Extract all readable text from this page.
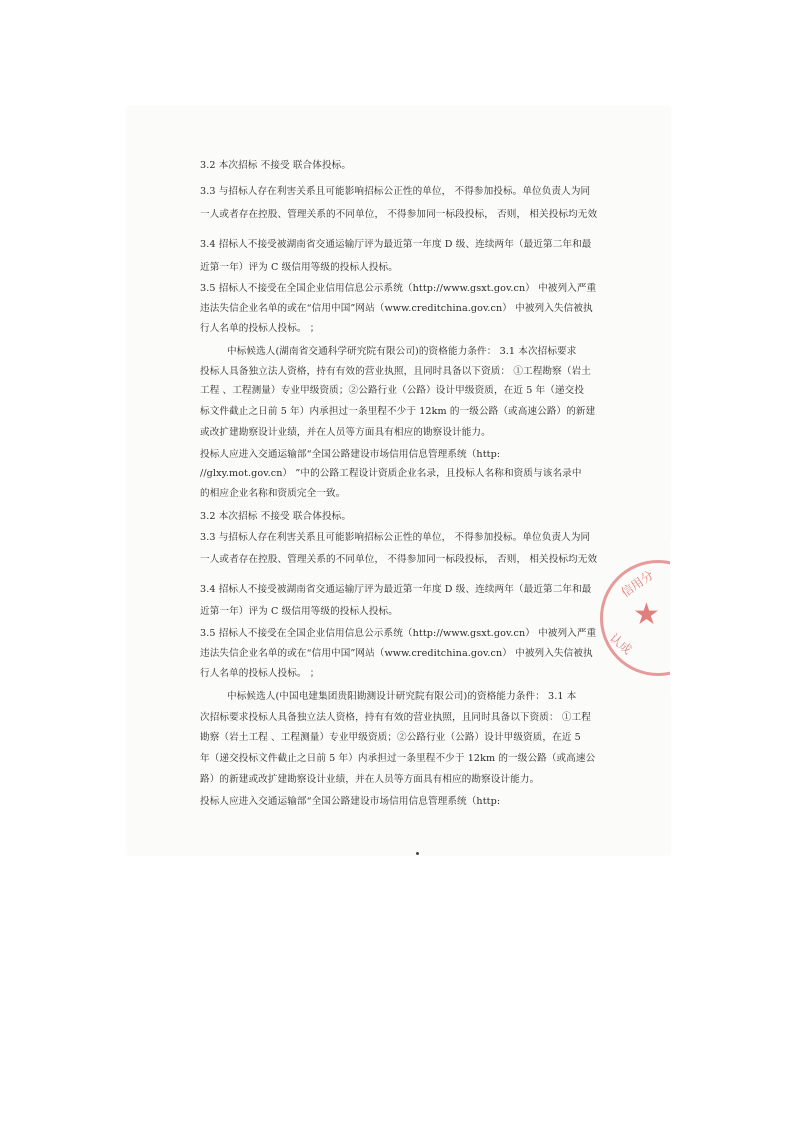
3.2 本次招标 不接受 联合体投标。
3.3 与招标人存在利害关系且可能影响招标公正性的单位， 不得参加投标。单位负责人为同
一人或者存在控股、管理关系的不同单位， 不得参加同一标段投标， 否则， 相关投标均无效
3.4 招标人不接受被湖南省交通运输厅评为最近第一年度 D 级、连续两年（最近第二年和最
近第一年）评为 C 级信用等级的投标人投标。
3.5 招标人不接受在全国企业信用信息公示系统（http://www.gsxt.gov.cn） 中被列入严重
违法失信企业名单的或在“信用中国”网站（www.creditchina.gov.cn） 中被列入失信被执
行人名单的投标人投标。 ；
中标候选人(湖南省交通科学研究院有限公司)的资格能力条件： 3.1 本次招标要求
投标人具备独立法人资格，持有有效的营业执照，且同时具备以下资质： ①工程勘察（岩土
工程 、工程测量）专业甲级资质；②公路行业（公路）设计甲级资质，在近 5 年（递交投
标文件截止之日前 5 年）内承担过一条里程不少于 12km 的一级公路（或高速公路）的新建
或改扩建勘察设计业绩，并在人员等方面具有相应的勘察设计能力。
投标人应进入交通运输部“全国公路建设市场信用信息管理系统（http:
//glxy.mot.gov.cn） ”中的公路工程设计资质企业名录，且投标人名称和资质与该名录中
的相应企业名称和资质完全一致。
3.2 本次招标 不接受 联合体投标。
3.3 与招标人存在利害关系且可能影响招标公正性的单位， 不得参加投标。单位负责人为同
一人或者存在控股、管理关系的不同单位， 不得参加同一标段投标， 否则， 相关投标均无效
3.4 招标人不接受被湖南省交通运输厅评为最近第一年度 D 级、连续两年（最近第二年和最
近第一年）评为 C 级信用等级的投标人投标。
3.5 招标人不接受在全国企业信用信息公示系统（http://www.gsxt.gov.cn） 中被列入严重
违法失信企业名单的或在“信用中国”网站（www.creditchina.gov.cn） 中被列入失信被执
行人名单的投标人投标。 ；
中标候选人(中国电建集团贵阳勘测设计研究院有限公司)的资格能力条件： 3.1 本
次招标要求投标人具备独立法人资格，持有有效的营业执照，且同时具备以下资质： ①工程
勘察（岩土工程 、工程测量）专业甲级资质；②公路行业（公路）设计甲级资质，在近 5
年（递交投标文件截止之日前 5 年）内承担过一条里程不少于 12km 的一级公路（或高速公
路）的新建或改扩建勘察设计业绩，并在人员等方面具有相应的勘察设计能力。
投标人应进入交通运输部“全国公路建设市场信用信息管理系统（http:
信用分
★
认成
